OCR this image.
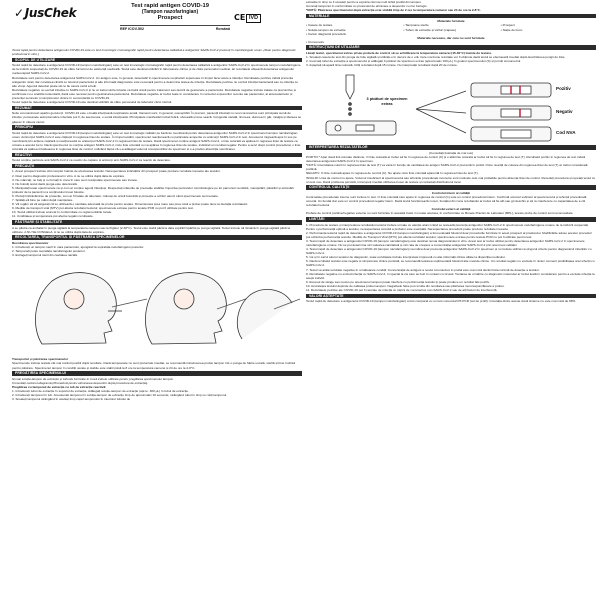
✓JusChek	Test rapid antigen COVID-19
(Tampon nazofaringian)
Prospect	CE IVD
REF ICOV-502	Română

Testul rapid pentru detectarea antigenului COVID-19 este un test imunologic cromatografic rapid pentru detectarea calitativă a antigenilor SARS-CoV-2 prezenți în nazofaringele uman. (Doar pentru diagnostic profesional in vitro.)

SCOPUL DE UTILIZARE

Testul rapid de detectare a antigenului COVID-19 (tampon nazofaringian) este un test imunologic cromatografic rapid pentru detectarea calitativă a antigenilor SARS-CoV-2 în specimenele tampon nazofaringiene de la indivizi suspectați de COVID-19 de către furnizorul de asistență medicală. Testul este destinat utilizării în laboratoare clinice și de către personalul medical, iar rezultatele afișează detectarea antigenului nucleocapsid SARS-CoV-2.

Rezultatele sunt pentru detectarea antigenului SARS-CoV-2. Un antigen este, în general, detectabil în specimenele respiratorii superioare în timpul fazei acute a infecției. Rezultatele pozitive indică prezența antigenilor virali, dar corelarea clinică cu istoricul pacientului și alte informații diagnostice este necesară pentru a determina starea de infecție. Rezultatele pozitive nu exclud infecția bacteriană sau co-infecția cu alte viruși. Agentul detectat poate să nu fie cauza certă a bolii.

Rezultatele negative nu exclud infecția cu SARS-CoV-2 și nu ar trebui să fie folosite ca bază unică pentru tratament sau decizii de gestionare a pacientului. Rezultatele negative trebuie tratate ca prezumtive și confirmate cu o analiză moleculară, dacă este necesar pentru gestionarea pacientului. Rezultatele negative ar trebui luate în considerare în contextul expunerilor recente ale pacientului, al antecedentelor și prezenței semnelor și simptomelor clinice în concordanță cu COVID-19.

Testul rapid de detectare a antigenului COVID-19 este destinat utilizării de către personalul de laborator clinic instruit.

REZUMAT

Noile coronavirusuri aparțin genului β. COVID-19 este o boală infecțioasă respiratorie acută. Oamenii sunt, în general, susceptibili. În prezent, pacienții infectați cu noul coronavirus sunt principala sursă de infecție; persoanele asimptomatice infectate pot fi, de asemenea, o sursă infecțioasă. Principalele manifestări includ febră, oboseală și tuse seacă. Congestia nazală, rinoreea, durerea în gât, mialgia și diareea se găsesc în câteva cazuri.

PRINCIPIU

Testul rapid de detectare a antigenului COVID-19 (tampon nazofaringian) este un test imunologic calitativ pe bază de membrană pentru detectarea antigenilor SARS-CoV-2 în specimenul tampon nazofaringian uman. Anticorpul SARS-CoV-2 este căptușit în regiunea liniei de testare. În timpul testării, specimenul reacționează cu particulele acoperite cu anticorpi SARS-CoV-2 în test. Amestecul migrează apoi în sus pe membrană prin acțiune capilară și reacționează cu anticorpul SARS-CoV-2 în regiunea liniei de testare. Dacă specimenul conține antigeni SARS-CoV-2, o linie colorată va apărea în regiunea liniei de testare ca urmare a acestui lucru. Dacă specimenul nu conține antigeni SARS-CoV-2, nicio linie colorată nu va apărea în regiunea liniei de testare, indicând un rezultat negativ. Pentru a servi drept control procedural, o linie colorată va apărea întotdeauna în regiunea liniei de control, indicând faptul că s-a adăugat volumul corespunzător de specimen și s-a produs absorbția membranei.

REACTIVI

Testul conține particule anti-SARS-CoV-2 ca reactiv de captare și anticorp anti-SARS-CoV-2 ca reactiv de detectare.

PRECAUȚII

1. Acest prospect trebuie citit complet înainte de efectuarea testului. Nerespectarea indicațiilor din prospect poate produce rezultate inexacte ale testului.

2. Doar pentru diagnostic profesional in vitro. A nu se utiliza după data de expirare.

3. Nu mâncați, nu beți și nu fumați în zona în care sunt manipulate specimenele sau truseie.

4. Nu folosiți testul dacă punga este deteriorată.

5. Manipulați toate specimenele ca și cum ar conține agenți infecțioși. Respectați măsurile de precauție stabilite împotriva pericolelor microbiologice pe tot parcursul recoltării, manipulării, păstrării și eliminării probelor de la pacienți și a conținutului trusei folosite.

6. Purtați îmbrăcăminte de protecție, cum ar fi halate de laborator, mănuși de unică folosință și protecție a ochilor atunci când specimenele sunt testate.

7. Spălați-vă bine pe mâini după manipulare.

8. Vă rugăm să vă asigurați că se utilizează o cantitate adecvată de probe pentru testare. Dimensiunea prea mare sau prea mică a probei poate duce la deviația rezultatelor.

9. Mediile de transport viral (MTV) pot afecta rezultatul testului; specimenele extrase pentru testele PCR nu pot fi utilizate pentru test.

10. Testul utilizat trebuie aruncat în conformitate cu reglementările locale.

11. Umiditatea și temperatura pot afecta negativ rezultatele.

PĂSTRARE ȘI STABILITATE

A se păstra ca ambalat în punga sigilată la temperatura camerei sau la frigider (2-30°C). Testul este stabil până la data expirării tipărită pe punga sigilată. Testul trebuie să rămână în punga sigilată până la utilizare. A NU SE CONGELA. A nu se utiliza după data de expirare.

RECOLTAREA, TRANSPORTUL ȘI PĂSTRAREA SPECIMENELOR

Recoltarea specimenelor

1. Introduceți un tampon steril în nara pacientului, ajungând la suprafața nazofaringelui posterior.

2. Tamponați peste suprafața nazofaringelui posterior.

3. Extrageți tamponul steril din cavitatea nazală.

Transportul și păstrarea specimenelor

Specimenele trebuie testate cât mai curând posibil după recoltare. Dacă tampoanele nu sunt prelucrate imediat, se recomandă introducerea probei tampon într-o punga de hârtie uscată, sterilă și bine închisă pentru păstrare. Specimenul tampon în condiții uscate și stabile este stabil până la 8 ore la temperatura camerei și 24 de ore la 2-8°C.

PREGĂTIREA SPECIMENULUI

Numai soluția-tampon de extracție și tuburile furnizate în trusă trebuie utilizate pentru pregătirea specimenului tampon.

Consultați cartonul-diagramă (Procedură pentru eliminarea deșeurilor după procedura de extracție).

Pregătirea cu tamponul de extracție cu tub de extracție reactivă:

1. Introduceți tubul de extracție în suportul de extracție. Adăugați soluție-tampon de extracție (aprox. 300 μL) în tubul de extracție.

2. Introduceți tamponul în tub. Amestecați tamponul în soluția-tampon de extracție timp de aproximativ 10 secunde, strângând tubul în timp ce rotiți tamponul.

3. Scoateți tamponul strângând în același timp capul tamponului în interiorul tubului de

extracție în timp ce îl scoateți pentru a expulza cât mai mult lichid posibil din tampon.

Aruncați tamponul în conformitate cu protocolul de eliminare a deșeurilor cu risc biologic.

*NOTĂ: Păstrarea specimenului după extracție este stabilă timp de 2 ore la temperatura camerei sau 24 de ore la 2-8°C.

MATERIALE

Materiale furnizate

• Casete de testare	• Tampoane sterile	• Prospect
• Soluție-tampon de extracție	• Tuburi de extracție și vârfuri (capace)	• Stație de lucru
• Carton diagramă procedură

Materiale necesare, dar care nu sunt furnizate

• Cronometru

INSTRUCȚIUNI DE UTILIZARE

Lăsați testul, specimenul extras și/sau probele de control să se echilibreze la temperatura camerei (15-30°C) înainte de testare.

1. Scoateți caseta de test din punga de folie sigilată și utilizați-o în decurs de o oră. Cele mai bune rezultate vor fi obținute dacă testul se efectuează imediat după deschiderea pungii de folie.

2. Inversați tubul de extracție a specimenului și adăugați 3 picături de specimen extras (aproximativ 100 μL) în godeul specimenului (S) și porniți cronometrul.

3. Așteptați să apară linia colorată. Citiți rezultatul după 15 minute. Nu interpretați rezultatul după 20 de minute.

3 picături de specimen extras
Pozitiv
Negativ
Cod NVA
INTERPRETAREA REZULTATELOR

(Consultați ilustrația de mai sus)

POZITIV:* Apar două linii colorate distincte. O linie colorată ar trebui să fie în regiunea de control (C) și o altă linie colorată ar trebui să fie în regiunea de test (T). Rezultatul pozitiv în regiunea de test indică detectarea antigenului SARS-CoV-2 în specimen.

*NOTĂ: Intensitatea culorii în regiunea liniei de test (T) va varia în funcție de cantitatea de antigen SARS-CoV-2 prezentă în probă. Orice nuanță de culoare din regiunea liniei de test (T) ar trebui considerată pozitivă.

NEGATIV: O linie colorată apare în regiunea de control (C). Nu apare nicio linie colorată aparentă în regiunea liniei de test (T).

INVALID: Linia de control nu apare. Volumul insuficient al specimenului sau tehnicile procedurale incorecte sunt motivele cele mai probabile pentru absența liniei de control. Revedeți procedura și repetați testul cu un test nou. Dacă problema persistă, întrerupeți imediat utilizarea trusei de testare și contactați distribuitorul local.

CONTROLUL CALITĂȚII

Controlul intern al calității

Controalele procedurale interne sunt incluse în test. O linie colorată care apare în regiunea de control (C) este un control procedural intern. Confirmă volumul suficient al specimenului și tehnică procedurală corectă. Un fundal clar este un control procedural negativ intern. Dacă testul funcționează corect, fundalul din zona rezultatului ar trebui să fie alb sau gri deschis și să nu interfereze cu capacitatea de a citi rezultatul testului.

Controlul extern al calității

Probele de control pozitive/negative externe nu sunt furnizate în această trusă. Cu toate acestea, în conformitate cu Bunele Practici de Laborator (BPL), aceste probe de control sunt recomandate.

LIMITĂRI

1. Procedura de testare și interpretarea rezultatului testului trebuie urmate cu atenție atunci când se testează prezența antigenilor SARS-CoV-2 în specimenele nazofaringiene umane de la indivizii suspectați. Pentru o performanță optimă a testului, nerespectarea corectă a probelor este esențială. Nerespectarea procedurii poate produce rezultate inexacte.

2. Performanța testului rapid de detectare a antigenului COVID-19 (tampon nazofaringian) a fost evaluată folosind doar procedurile furnizate în acest prospect al produsului. Modificările aduse acestor proceduri pot schimba performanța testului. Mediile de Transport Viral (MTV) pot afecta rezultatul testului; specimenele extrase pentru testele PCR nu pot fi utilizate pentru test.

3. Testul rapid de detectare a antigenului COVID-19 (tampon nazofaringian) este destinat numai diagnosticului in vitro. Acest test ar trebui utilizat pentru detectarea antigenilor SARS-CoV-2 în specimenele nazofaringiene umane. Nu se pot determina nici valoarea cantitativă și nici rata de creștere a concentrației antigenilor SARS-CoV-2 prin acest test calitativ.

4. Testul rapid de detectare a antigenului COVID-19 (tampon nazofaringian) va indica doar prezența antigenilor SARS-CoV-2 în specimen și nu trebuie utilizat ca singurul criteriu pentru diagnosticul infecțiilor cu SARS-CoV-2.

5. Ca și în cazul tuturor testelor de diagnostic, toate rezultatele trebuie interpretate împreună cu alte informații clinice aflate la dispoziția medicului.

6. Dacă rezultatul testului este negativ și simptomele clinice persistă, se recomandă testarea suplimentară folosind alte metode clinice. Un rezultat negativ nu exclude în niciun moment posibilitatea unei infecții cu SARS-CoV-2.

7. Testul va arăta rezultate negative în următoarele condiții: Concentrația de antigeni a noului coronavirus în probă este mai mică decât limita minimă de detecție a testului.

8. Rezultatele negative nu exclud infecția cu SARS-CoV-2, în special la cei care au fost în contact cu virusul. Testarea de urmărire cu diagnostic molecular ar trebui luată în considerare pentru a exclude infecția la acești indivizi.

9. Excesul de sânge sau mucus pe specimenul tampon poate interfera cu performanța testului și poate produce un rezultat fals pozitiv.

10. Acuratețea testului depinde de calitatea probei tampon. Negativele false pot rezulta din recoltarea sau păstrarea necorespunzătoare a probei.

11. Rezultatele pozitive ale COVID-19 pot fi cauzate de infecția cu tulpini de coronavirus non-SARS-CoV-2 sau de alți factori de interferență.

VALORI AȘTEPTATE

Testul rapid de detectare a antigenului COVID-19 (tampon nazofaringian) a fost comparat cu un test comercial RT-PCR (cel de profil). Corelația dintre aceste două sisteme nu este mai mică de 98%.
